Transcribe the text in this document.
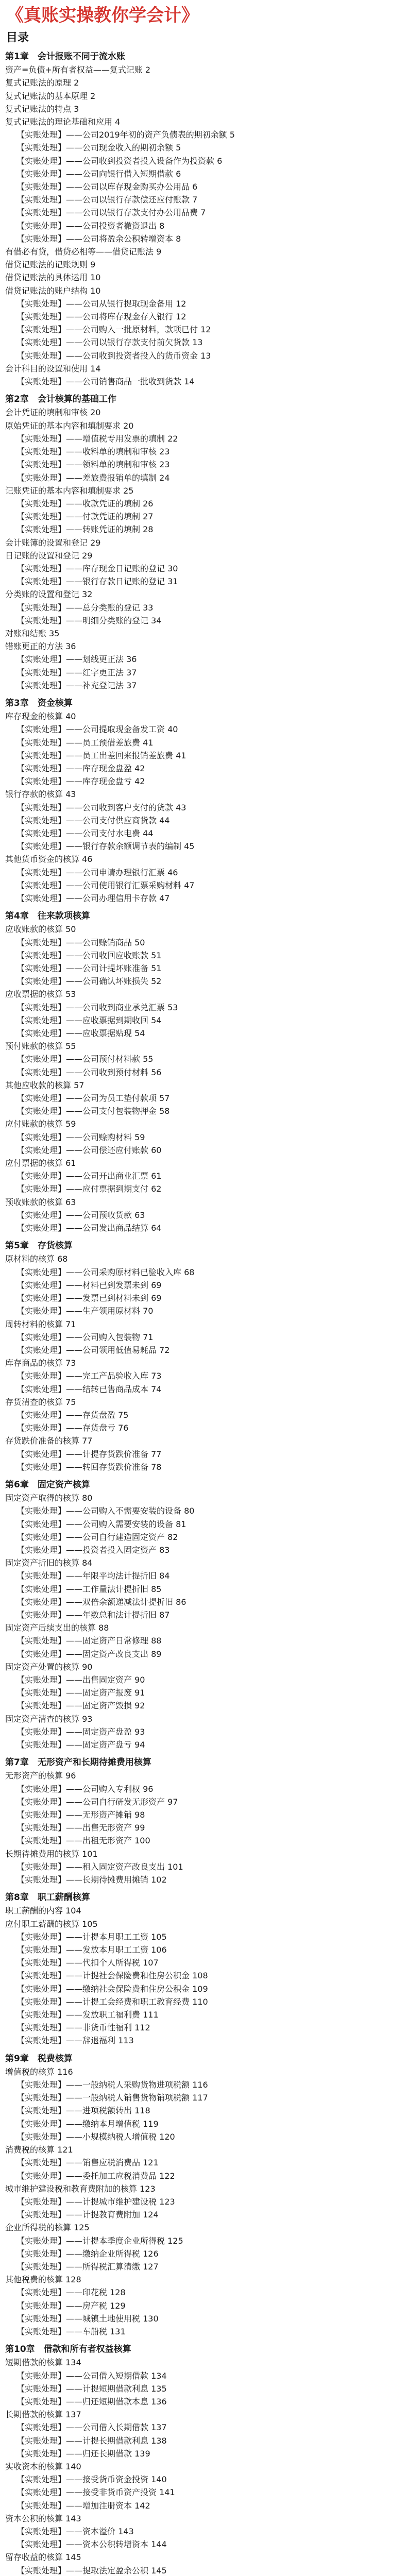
《真账实操教你学会计》
目录
第1章　会计报账不同于流水账
资产=负债+所有者权益——复式记账 2
复式记账法的原理 2
复式记账法的基本原理 2
复式记账法的特点 3
复式记账法的理论基础和应用 4
【实账处理】——公司2019年初的资产负债表的期初余额 5
【实账处理】——公司现金收入的期初余额 5
【实账处理】——公司收到投资者投入设备作为投资款 6
【实账处理】——公司向银行借入短期借款 6
【实账处理】——公司以库存现金购买办公用品 6
【实账处理】——公司以银行存款偿还应付账款 7
【实账处理】——公司以银行存款支付办公用品费 7
【实账处理】——公司投资者撤资退出 8
【实账处理】——公司将盈余公积转增资本 8
有借必有贷，借贷必相等——借贷记账法 9
借贷记账法的记账规则 9
借贷记账法的具体运用 10
借贷记账法的账户结构 10
【实账处理】——公司从银行提取现金备用 12
【实账处理】——公司将库存现金存入银行 12
【实账处理】——公司购入一批原材料，款项已付 12
【实账处理】——公司以银行存款支付前欠货款 13
【实账处理】——公司收到投资者投入的货币资金 13
会计科目的设置和使用 14
【实账处理】——公司销售商品一批收到货款 14
第2章　会计核算的基础工作
会计凭证的填制和审核 20
原始凭证的基本内容和填制要求 20
【实账处理】——增值税专用发票的填制 22
【实账处理】——收料单的填制和审核 23
【实账处理】——领料单的填制和审核 23
【实账处理】——差旅费报销单的填制 24
记账凭证的基本内容和填制要求 25
【实账处理】——收款凭证的填制 26
【实账处理】——付款凭证的填制 27
【实账处理】——转账凭证的填制 28
会计账簿的设置和登记 29
日记账的设置和登记 29
【实账处理】——库存现金日记账的登记 30
【实账处理】——银行存款日记账的登记 31
分类账的设置和登记 32
【实账处理】——总分类账的登记 33
【实账处理】——明细分类账的登记 34
对账和结账 35
错账更正的方法 36
【实账处理】——划线更正法 36
【实账处理】——红字更正法 37
【实账处理】——补充登记法 37
第3章　资金核算
库存现金的核算 40
【实账处理】——公司提取现金备发工资 40
【实账处理】——员工预借差旅费 41
【实账处理】——员工出差回来报销差旅费 41
【实账处理】——库存现金盘盈 42
【实账处理】——库存现金盘亏 42
银行存款的核算 43
【实账处理】——公司收到客户支付的货款 43
【实账处理】——公司支付供应商货款 44
【实账处理】——公司支付水电费 44
【实账处理】——银行存款余额调节表的编制 45
其他货币资金的核算 46
【实账处理】——公司申请办理银行汇票 46
【实账处理】——公司使用银行汇票采购材料 47
【实账处理】——公司办理信用卡存款 47
第4章　往来款项核算
应收账款的核算 50
【实账处理】——公司赊销商品 50
【实账处理】——公司收回应收账款 51
【实账处理】——公司计提坏账准备 51
【实账处理】——公司确认坏账损失 52
应收票据的核算 53
【实账处理】——公司收到商业承兑汇票 53
【实账处理】——应收票据到期收回 54
【实账处理】——应收票据贴现 54
预付账款的核算 55
【实账处理】——公司预付材料款 55
【实账处理】——公司收到预付材料 56
其他应收款的核算 57
【实账处理】——公司为员工垫付款项 57
【实账处理】——公司支付包装物押金 58
应付账款的核算 59
【实账处理】——公司赊购材料 59
【实账处理】——公司偿还应付账款 60
应付票据的核算 61
【实账处理】——公司开出商业汇票 61
【实账处理】——应付票据到期支付 62
预收账款的核算 63
【实账处理】——公司预收货款 63
【实账处理】——公司发出商品结算 64
第5章　存货核算
原材料的核算 68
【实账处理】——公司采购原材料已验收入库 68
【实账处理】——材料已到发票未到 69
【实账处理】——发票已到材料未到 69
【实账处理】——生产领用原材料 70
周转材料的核算 71
【实账处理】——公司购入包装物 71
【实账处理】——公司领用低值易耗品 72
库存商品的核算 73
【实账处理】——完工产品验收入库 73
【实账处理】——结转已售商品成本 74
存货清查的核算 75
【实账处理】——存货盘盈 75
【实账处理】——存货盘亏 76
存货跌价准备的核算 77
【实账处理】——计提存货跌价准备 77
【实账处理】——转回存货跌价准备 78
第6章　固定资产核算
固定资产取得的核算 80
【实账处理】——公司购入不需要安装的设备 80
【实账处理】——公司购入需要安装的设备 81
【实账处理】——公司自行建造固定资产 82
【实账处理】——投资者投入固定资产 83
固定资产折旧的核算 84
【实账处理】——年限平均法计提折旧 84
【实账处理】——工作量法计提折旧 85
【实账处理】——双倍余额递减法计提折旧 86
【实账处理】——年数总和法计提折旧 87
固定资产后续支出的核算 88
【实账处理】——固定资产日常修理 88
【实账处理】——固定资产改良支出 89
固定资产处置的核算 90
【实账处理】——出售固定资产 90
【实账处理】——固定资产报废 91
【实账处理】——固定资产毁损 92
固定资产清查的核算 93
【实账处理】——固定资产盘盈 93
【实账处理】——固定资产盘亏 94
第7章　无形资产和长期待摊费用核算
无形资产的核算 96
【实账处理】——公司购入专利权 96
【实账处理】——公司自行研发无形资产 97
【实账处理】——无形资产摊销 98
【实账处理】——出售无形资产 99
【实账处理】——出租无形资产 100
长期待摊费用的核算 101
【实账处理】——租入固定资产改良支出 101
【实账处理】——长期待摊费用摊销 102
第8章　职工薪酬核算
职工薪酬的内容 104
应付职工薪酬的核算 105
【实账处理】——计提本月职工工资 105
【实账处理】——发放本月职工工资 106
【实账处理】——代扣个人所得税 107
【实账处理】——计提社会保险费和住房公积金 108
【实账处理】——缴纳社会保险费和住房公积金 109
【实账处理】——计提工会经费和职工教育经费 110
【实账处理】——发放职工福利费 111
【实账处理】——非货币性福利 112
【实账处理】——辞退福利 113
第9章　税费核算
增值税的核算 116
【实账处理】——一般纳税人采购货物进项税额 116
【实账处理】——一般纳税人销售货物销项税额 117
【实账处理】——进项税额转出 118
【实账处理】——缴纳本月增值税 119
【实账处理】——小规模纳税人增值税 120
消费税的核算 121
【实账处理】——销售应税消费品 121
【实账处理】——委托加工应税消费品 122
城市维护建设税和教育费附加的核算 123
【实账处理】——计提城市维护建设税 123
【实账处理】——计提教育费附加 124
企业所得税的核算 125
【实账处理】——计提本季度企业所得税 125
【实账处理】——缴纳企业所得税 126
【实账处理】——所得税汇算清缴 127
其他税费的核算 128
【实账处理】——印花税 128
【实账处理】——房产税 129
【实账处理】——城镇土地使用税 130
【实账处理】——车船税 131
第10章　借款和所有者权益核算
短期借款的核算 134
【实账处理】——公司借入短期借款 134
【实账处理】——计提短期借款利息 135
【实账处理】——归还短期借款本息 136
长期借款的核算 137
【实账处理】——公司借入长期借款 137
【实账处理】——计提长期借款利息 138
【实账处理】——归还长期借款 139
实收资本的核算 140
【实账处理】——接受货币资金投资 140
【实账处理】——接受非货币资产投资 141
【实账处理】——增加注册资本 142
资本公积的核算 143
【实账处理】——资本溢价 143
【实账处理】——资本公积转增资本 144
留存收益的核算 145
【实账处理】——提取法定盈余公积 145
